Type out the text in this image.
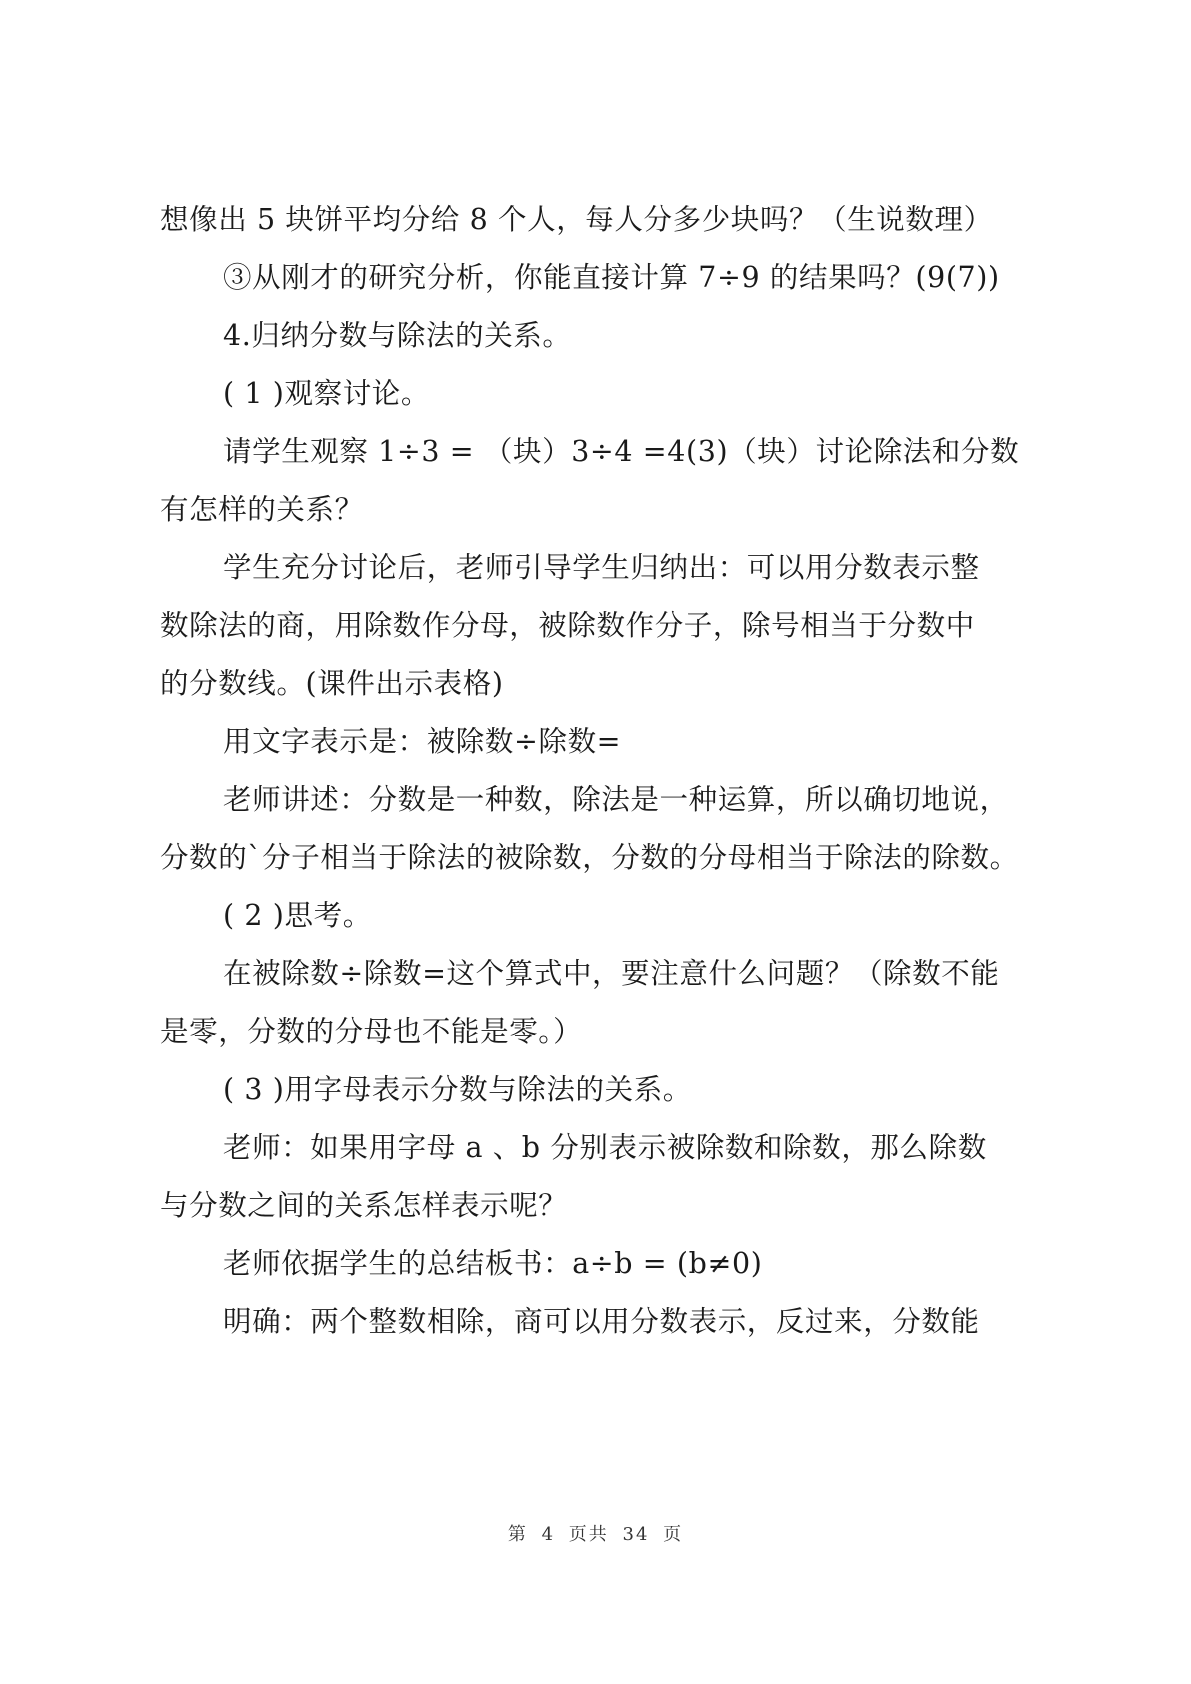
想像出 5 块饼平均分给 8 个人，每人分多少块吗？（生说数理）
③从刚才的研究分析，你能直接计算 7÷9 的结果吗？(9(7))
4.归纳分数与除法的关系。
( 1 )观察讨论。
请学生观察 1÷3 = （块）3÷4 =4(3)（块）讨论除法和分数
有怎样的关系？
学生充分讨论后，老师引导学生归纳出：可以用分数表示整
数除法的商，用除数作分母，被除数作分子，除号相当于分数中
的分数线。(课件出示表格)
用文字表示是：被除数÷除数=
老师讲述：分数是一种数，除法是一种运算，所以确切地说，
分数的`分子相当于除法的被除数，分数的分母相当于除法的除数。
( 2 )思考。
在被除数÷除数=这个算式中，要注意什么问题？（除数不能
是零，分数的分母也不能是零。）
( 3 )用字母表示分数与除法的关系。
老师：如果用字母 a 、b 分别表示被除数和除数，那么除数
与分数之间的关系怎样表示呢？
老师依据学生的总结板书：a÷b = (b≠0)
明确：两个整数相除，商可以用分数表示，反过来，分数能
第 4 页共 34 页
